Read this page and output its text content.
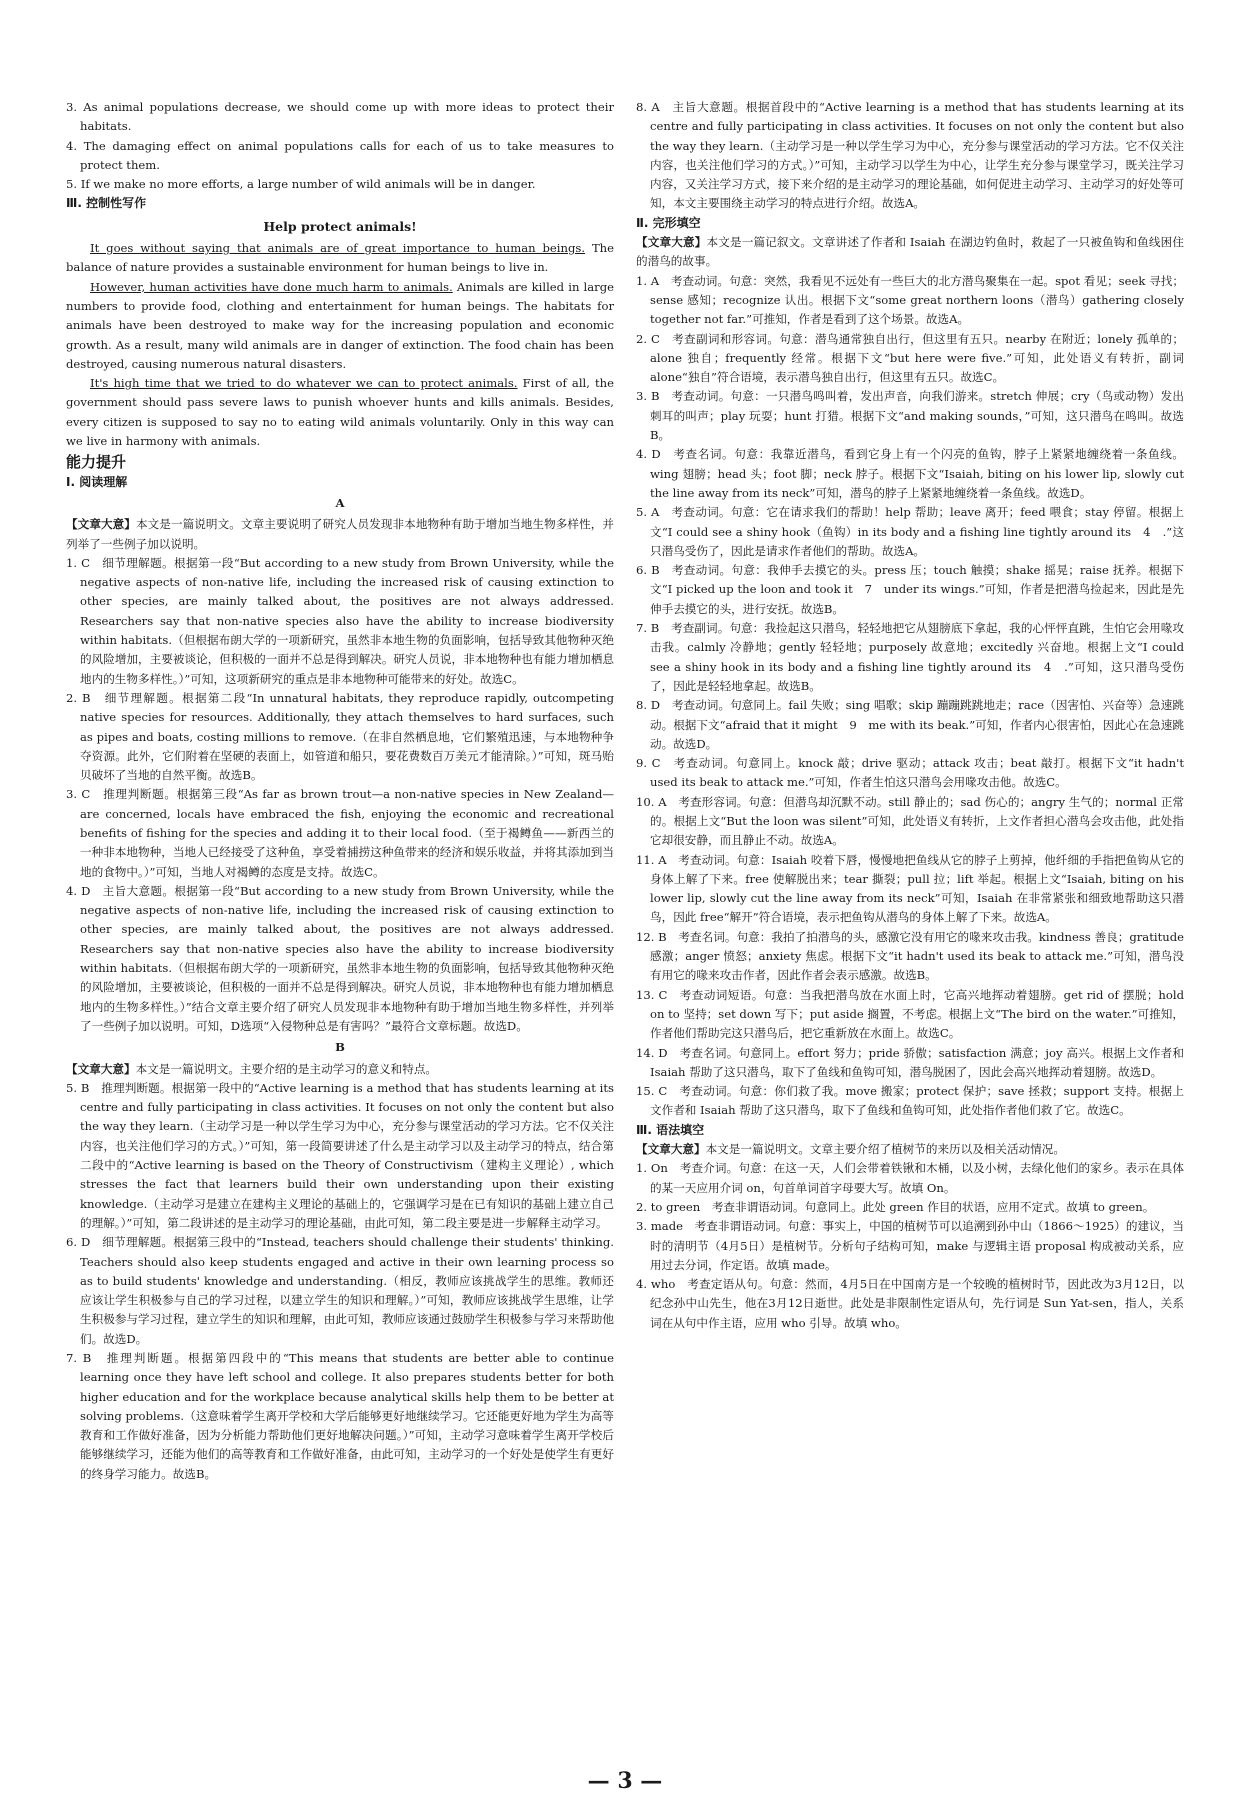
3. As animal populations decrease, we should come up with more ideas to protect their habitats.

4. The damaging effect on animal populations calls for each of us to take measures to protect them.

5. If we make no more efforts, a large number of wild animals will be in danger.

Ⅲ. 控制性写作

Help protect animals!

It goes without saying that animals are of great importance to human beings. The balance of nature provides a sustainable environment for human beings to live in.

However, human activities have done much harm to animals. Animals are killed in large numbers to provide food, clothing and entertainment for human beings. The habitats for animals have been destroyed to make way for the increasing population and economic growth. As a result, many wild animals are in danger of extinction. The food chain has been destroyed, causing numerous natural disasters.

It's high time that we tried to do whatever we can to protect animals. First of all, the government should pass severe laws to punish whoever hunts and kills animals. Besides, every citizen is supposed to say no to eating wild animals voluntarily. Only in this way can we live in harmony with animals.

能力提升

Ⅰ. 阅读理解

A

【文章大意】本文是一篇说明文。文章主要说明了研究人员发现非本地物种有助于增加当地生物多样性，并列举了一些例子加以说明。

1. C　细节理解题。根据第一段“But according to a new study from Brown University, while the negative aspects of non-native life, including the increased risk of causing extinction to other species, are mainly talked about, the positives are not always addressed. Researchers say that non-native species also have the ability to increase biodiversity within habitats.（但根据布朗大学的一项新研究，虽然非本地生物的负面影响，包括导致其他物种灭绝的风险增加，主要被谈论，但积极的一面并不总是得到解决。研究人员说，非本地物种也有能力增加栖息地内的生物多样性。）”可知，这项新研究的重点是非本地物种可能带来的好处。故选C。

2. B　细节理解题。根据第二段“In unnatural habitats, they reproduce rapidly, outcompeting native species for resources. Additionally, they attach themselves to hard surfaces, such as pipes and boats, costing millions to remove.（在非自然栖息地，它们繁殖迅速，与本地物种争夺资源。此外，它们附着在坚硬的表面上，如管道和船只，要花费数百万美元才能清除。）”可知，斑马贻贝破坏了当地的自然平衡。故选B。

3. C　推理判断题。根据第三段“As far as brown trout—a non-native species in New Zealand—are concerned, locals have embraced the fish, enjoying the economic and recreational benefits of fishing for the species and adding it to their local food.（至于褐鳟鱼——新西兰的一种非本地物种，当地人已经接受了这种鱼，享受着捕捞这种鱼带来的经济和娱乐收益，并将其添加到当地的食物中。）”可知，当地人对褐鳟的态度是支持。故选C。

4. D　主旨大意题。根据第一段“But according to a new study from Brown University, while the negative aspects of non-native life, including the increased risk of causing extinction to other species, are mainly talked about, the positives are not always addressed. Researchers say that non-native species also have the ability to increase biodiversity within habitats.（但根据布朗大学的一项新研究，虽然非本地生物的负面影响，包括导致其他物种灭绝的风险增加，主要被谈论，但积极的一面并不总是得到解决。研究人员说，非本地物种也有能力增加栖息地内的生物多样性。）”结合文章主要介绍了研究人员发现非本地物种有助于增加当地生物多样性，并列举了一些例子加以说明。可知，D选项“入侵物种总是有害吗？”最符合文章标题。故选D。

B

【文章大意】本文是一篇说明文。主要介绍的是主动学习的意义和特点。

5. B　推理判断题。根据第一段中的“Active learning is a method that has students learning at its centre and fully participating in class activities. It focuses on not only the content but also the way they learn.（主动学习是一种以学生学习为中心，充分参与课堂活动的学习方法。它不仅关注内容，也关注他们学习的方式。）”可知，第一段简要讲述了什么是主动学习以及主动学习的特点，结合第二段中的“Active learning is based on the Theory of Constructivism（建构主义理论）, which stresses the fact that learners build their own understanding upon their existing knowledge.（主动学习是建立在建构主义理论的基础上的，它强调学习是在已有知识的基础上建立自己的理解。）”可知，第二段讲述的是主动学习的理论基础，由此可知，第二段主要是进一步解释主动学习。

6. D　细节理解题。根据第三段中的“Instead, teachers should challenge their students' thinking. Teachers should also keep students engaged and active in their own learning process so as to build students' knowledge and understanding.（相反，教师应该挑战学生的思维。教师还应该让学生积极参与自己的学习过程，以建立学生的知识和理解。）”可知，教师应该挑战学生思维，让学生积极参与学习过程，建立学生的知识和理解，由此可知，教师应该通过鼓励学生积极参与学习来帮助他们。故选D。

7. B　推理判断题。根据第四段中的“This means that students are better able to continue learning once they have left school and college. It also prepares students better for both higher education and for the workplace because analytical skills help them to be better at solving problems.（这意味着学生离开学校和大学后能够更好地继续学习。它还能更好地为学生为高等教育和工作做好准备，因为分析能力帮助他们更好地解决问题。）”可知，主动学习意味着学生离开学校后能够继续学习，还能为他们的高等教育和工作做好准备，由此可知，主动学习的一个好处是使学生有更好的终身学习能力。故选B。

8. A　主旨大意题。根据首段中的“Active learning is a method that has students learning at its centre and fully participating in class activities. It focuses on not only the content but also the way they learn.（主动学习是一种以学生学习为中心，充分参与课堂活动的学习方法。它不仅关注内容，也关注他们学习的方式。）”可知，主动学习以学生为中心，让学生充分参与课堂学习，既关注学习内容，又关注学习方式，接下来介绍的是主动学习的理论基础，如何促进主动学习、主动学习的好处等可知，本文主要围绕主动学习的特点进行介绍。故选A。

Ⅱ. 完形填空

【文章大意】本文是一篇记叙文。文章讲述了作者和 Isaiah 在湖边钓鱼时，救起了一只被鱼钩和鱼线困住的潜鸟的故事。

1. A　考查动词。句意：突然，我看见不远处有一些巨大的北方潜鸟聚集在一起。spot 看见；seek 寻找；sense 感知；recognize 认出。根据下文“some great northern loons（潜鸟）gathering closely together not far.”可推知，作者是看到了这个场景。故选A。

2. C　考查副词和形容词。句意：潜鸟通常独自出行，但这里有五只。nearby 在附近；lonely 孤单的；alone 独自；frequently 经常。根据下文“but here were five.”可知，此处语义有转折，副词 alone“独自”符合语境，表示潜鸟独自出行，但这里有五只。故选C。

3. B　考查动词。句意：一只潜鸟鸣叫着，发出声音，向我们游来。stretch 伸展；cry（鸟或动物）发出刺耳的叫声；play 玩耍；hunt 打猎。根据下文“and making sounds，”可知，这只潜鸟在鸣叫。故选B。

4. D　考查名词。句意：我靠近潜鸟，看到它身上有一个闪亮的鱼钩，脖子上紧紧地缠绕着一条鱼线。wing 翅膀；head 头；foot 脚；neck 脖子。根据下文“Isaiah, biting on his lower lip, slowly cut the line away from its neck”可知，潜鸟的脖子上紧紧地缠绕着一条鱼线。故选D。

5. A　考查动词。句意：它在请求我们的帮助！help 帮助；leave 离开；feed 喂食；stay 停留。根据上文“I could see a shiny hook（鱼钩）in its body and a fishing line tightly around its　4　.”这只潜鸟受伤了，因此是请求作者他们的帮助。故选A。

6. B　考查动词。句意：我伸手去摸它的头。press 压；touch 触摸；shake 摇晃；raise 抚养。根据下文“I picked up the loon and took it　7　under its wings.”可知，作者是把潜鸟捡起来，因此是先伸手去摸它的头，进行安抚。故选B。

7. B　考查副词。句意：我捡起这只潜鸟，轻轻地把它从翅膀底下拿起，我的心怦怦直跳，生怕它会用喙攻击我。calmly 冷静地；gently 轻轻地；purposely 故意地；excitedly 兴奋地。根据上文“I could see a shiny hook in its body and a fishing line tightly around its　4　.”可知，这只潜鸟受伤了，因此是轻轻地拿起。故选B。

8. D　考查动词。句意同上。fail 失败；sing 唱歌；skip 蹦蹦跳跳地走；race（因害怕、兴奋等）急速跳动。根据下文“afraid that it might　9　me with its beak.”可知，作者内心很害怕，因此心在急速跳动。故选D。

9. C　考查动词。句意同上。knock 敲；drive 驱动；attack 攻击；beat 敲打。根据下文“it hadn't used its beak to attack me.”可知，作者生怕这只潜鸟会用喙攻击他。故选C。

10. A　考查形容词。句意：但潜鸟却沉默不动。still 静止的；sad 伤心的；angry 生气的；normal 正常的。根据上文“But the loon was silent”可知，此处语义有转折，上文作者担心潜鸟会攻击他，此处指它却很安静，而且静止不动。故选A。

11. A　考查动词。句意：Isaiah 咬着下唇，慢慢地把鱼线从它的脖子上剪掉，他纤细的手指把鱼钩从它的身体上解了下来。free 使解脱出来；tear 撕裂；pull 拉；lift 举起。根据上文“Isaiah, biting on his lower lip, slowly cut the line away from its neck”可知，Isaiah 在非常紧张和细致地帮助这只潜鸟，因此 free“解开”符合语境，表示把鱼钩从潜鸟的身体上解了下来。故选A。

12. B　考查名词。句意：我拍了拍潜鸟的头，感激它没有用它的喙来攻击我。kindness 善良；gratitude 感激；anger 愤怒；anxiety 焦虑。根据下文“it hadn't used its beak to attack me.”可知，潜鸟没有用它的喙来攻击作者，因此作者会表示感激。故选B。

13. C　考查动词短语。句意：当我把潜鸟放在水面上时，它高兴地挥动着翅膀。get rid of 摆脱；hold on to 坚持；set down 写下；put aside 搁置，不考虑。根据上文“The bird on the water.”可推知，作者他们帮助完这只潜鸟后，把它重新放在水面上。故选C。

14. D　考查名词。句意同上。effort 努力；pride 骄傲；satisfaction 满意；joy 高兴。根据上文作者和 Isaiah 帮助了这只潜鸟，取下了鱼线和鱼钩可知，潜鸟脱困了，因此会高兴地挥动着翅膀。故选D。

15. C　考查动词。句意：你们救了我。move 搬家；protect 保护；save 拯救；support 支持。根据上文作者和 Isaiah 帮助了这只潜鸟，取下了鱼线和鱼钩可知，此处指作者他们救了它。故选C。

Ⅲ. 语法填空

【文章大意】本文是一篇说明文。文章主要介绍了植树节的来历以及相关活动情况。

1. On　考查介词。句意：在这一天，人们会带着铁锹和木桶，以及小树，去绿化他们的家乡。表示在具体的某一天应用介词 on，句首单词首字母要大写。故填 On。

2. to green　考查非谓语动词。句意同上。此处 green 作目的状语，应用不定式。故填 to green。

3. made　考查非谓语动词。句意：事实上，中国的植树节可以追溯到孙中山（1866～1925）的建议，当时的清明节（4月5日）是植树节。分析句子结构可知，make 与逻辑主语 proposal 构成被动关系，应用过去分词，作定语。故填 made。

4. who　考查定语从句。句意：然而，4月5日在中国南方是一个较晚的植树时节，因此改为3月12日，以纪念孙中山先生，他在3月12日逝世。此处是非限制性定语从句，先行词是 Sun Yat-sen，指人，关系词在从句中作主语，应用 who 引导。故填 who。

— 3 —
